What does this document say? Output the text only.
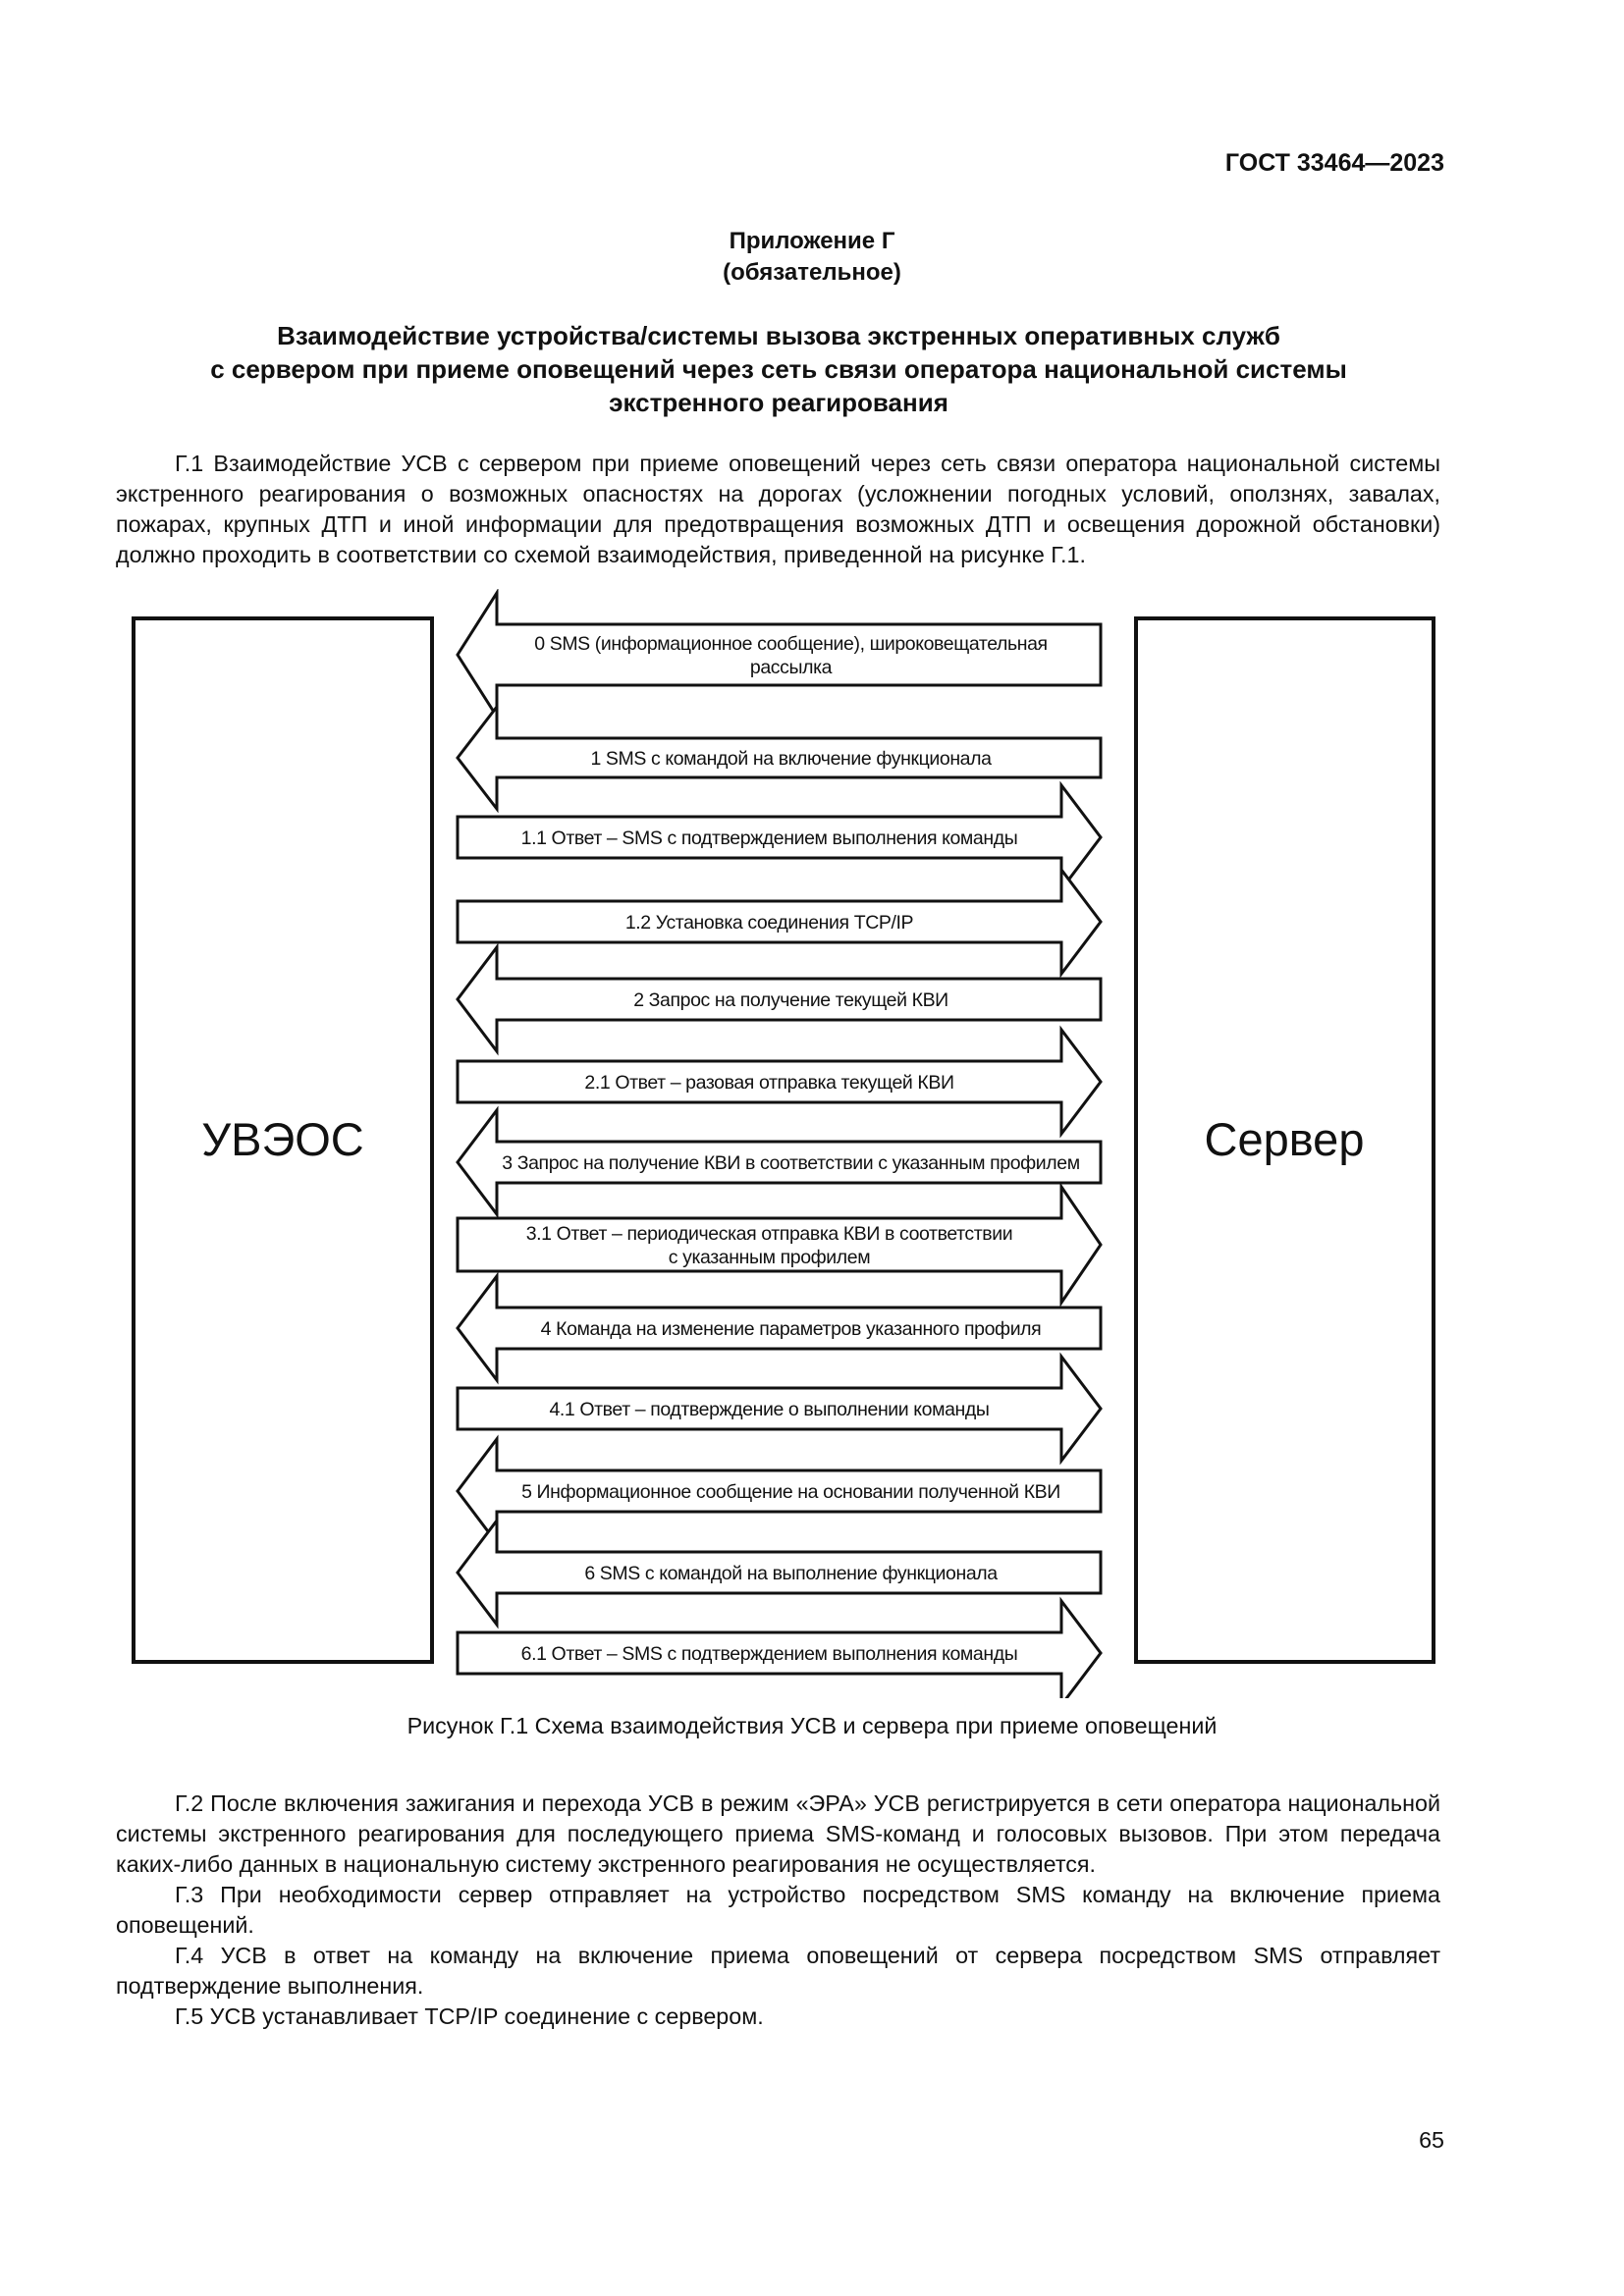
ГОСТ 33464—2023
Приложение Г
(обязательное)
Взаимодействие устройства/системы вызова экстренных оперативных служб
с сервером при приеме оповещений через сеть связи оператора национальной системы
экстренного реагирования

Г.1 Взаимодействие УСВ с сервером при приеме оповещений через сеть связи оператора национальной системы экстренного реагирования о возможных опасностях на дорогах (усложнении погодных условий, оползнях, завалах, пожарах, крупных ДТП и иной информации для предотвращения возможных ДТП и освещения дорожной обстановки) должно проходить в соответствии со схемой взаимодействия, приведенной на рисунке Г.1.

УВЭОС	Сервер
0 SMS (информационное сообщение), широковещательная
рассылка
1 SMS с командой на включение функционала
1.1 Ответ – SMS с подтверждением выполнения команды
1.2 Установка соединения TCP/IP
2 Запрос на получение текущей КВИ
2.1 Ответ – разовая отправка текущей КВИ
3 Запрос на получение КВИ в соответствии с указанным профилем
3.1 Ответ – периодическая отправка КВИ в соответствии
с указанным профилем
4 Команда на изменение параметров указанного профиля
4.1 Ответ – подтверждение о выполнении команды
5 Информационное сообщение на основании полученной КВИ
6 SMS с командой на выполнение функционала
6.1 Ответ – SMS с подтверждением выполнения команды
Рисунок Г.1 Схема взаимодействия УСВ и сервера при приеме оповещений

Г.2 После включения зажигания и перехода УСВ в режим «ЭРА» УСВ регистрируется в сети оператора национальной системы экстренного реагирования для последующего приема SMS-команд и голосовых вызовов. При этом передача каких-либо данных в национальную систему экстренного реагирования не осуществляется.

Г.3 При необходимости сервер отправляет на устройство посредством SMS команду на включение приема оповещений.

Г.4 УСВ в ответ на команду на включение приема оповещений от сервера посредством SMS отправляет подтверждение выполнения.

Г.5 УСВ устанавливает TCP/IP соединение с сервером.

65
